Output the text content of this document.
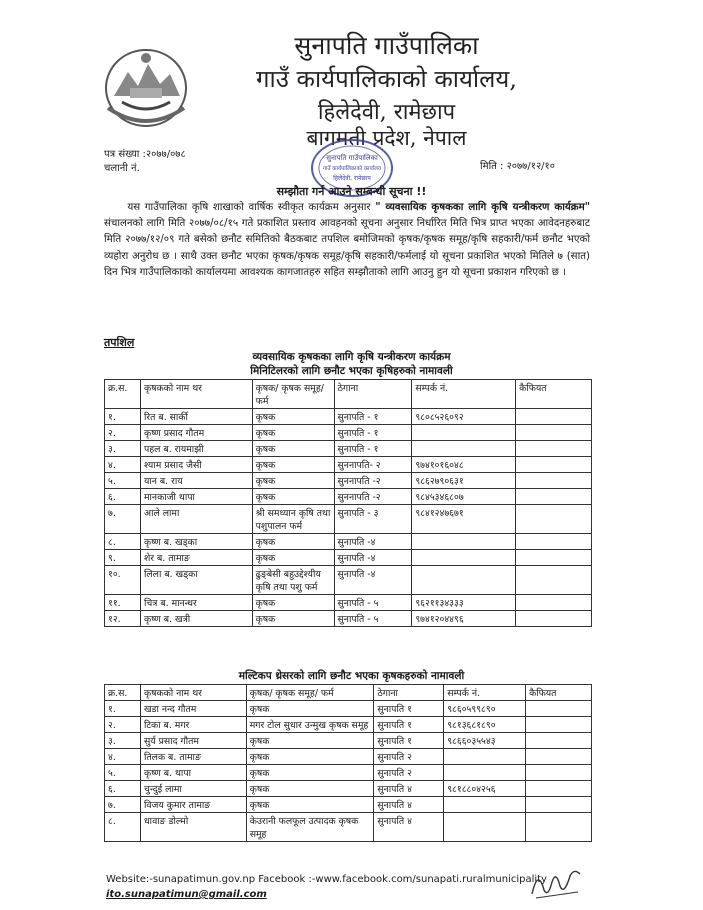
सुनापति गाउँपालिका
गाउँ कार्यपालिकाको कार्यालय,
हिलेदेवी, रामेछाप
बागमती प्रदेश, नेपाल
पत्र संख्या :२०७७/०७८
चलानी नं.	मिति : २०७७/१२/१०
सुनापति गाउँपालिका
गाउँ कार्यपालिकाको कार्यालय
हिलेदेवी, रामेछाप
सम्झौता गर्न आउने सम्बन्धी सूचना !!
यस गाउँपालिका कृषि शाखाको वार्षिक स्वीकृत कार्यक्रम अनुसार " व्यवसायिक कृषकका लागि कृषि यन्त्रीकरण कार्यक्रम" संचालनको लागि मिति २०७७/०८/१५ गते प्रकाशित प्रस्ताव आवहनको सूचना अनुसार निर्धारित मिति भित्र प्राप्त भएका आवेदनहरुबाट मिति २०७७/१२/०९ गते बसेको छनौट समितिको बैठकबाट तपशिल बमोजिमको कृषक/कृषक समूह/कृषि सहकारी/फर्म छनौट भएको व्यहोरा अनुरोध छ । साथै उक्त छनौट भएका कृषक/कृषक समूह/कृषि सहकारी/फर्मलाई यो सूचना प्रकाशित भएको मितिले ७ (सात) दिन भित्र गाउँपालिकाको कार्यालयमा आवश्यक कागजातहरु सहित सम्झौताको लागि आउनु हुन यो सूचना प्रकाशन गरिएको छ ।
तपशिल
व्यवसायिक कृषकका लागि कृषि यन्त्रीकरण कार्यक्रम
मिनिटिलरको लागि छनौट भएका कृषिहरुको नामावली
क्र.स.	कृषकको नाम थर	कृषक/ कृषक समूह/ फर्म	ठेगाना	सम्पर्क नं.	कैफियत
१.	रित ब. सार्की	कृषक	सुनापति - १	९८०८५२६०९२	
२.	कृष्ण प्रसाद गौतम	कृषक	सुनापति - १		
३.	पहल ब. रायमाझी	कृषक	सुनापति - १		
४.	श्याम प्रसाद जैसी	कृषक	सुननापति- २	९७४१०१६०४८	
५.	यान ब. राय	कृषक	सुननापति -२	९८६२७९०६३१	
६.	मानकाजी थापा	कृषक	सुननापति -२	९८४५३४६८०७	
७.	आले लामा	श्री समध्यान कृषि तथा पशुपालन फर्म	सुनापति - ३	९८४१२४७६७१	
८.	कृष्ण ब. खड्का	कृषक	सुनापति -४		
९.	शेर ब. तामाङ	कृषक	सुनापति -४		
१०.	लिला ब. खड्का	ढुङ्बेसी बहुउद्देश्यीय कृषि तथा पशु फर्म	सुनापति -४		
११.	चित्र ब. मानन्धर	कृषक	सुनापति - ५	९६२११३४३३३	
१२.	कृष्ण ब. खत्री	कृषक	सुनापति - ५	९७४१२०४४९६	
मल्टिकप थ्रेसरको लागि छनौट भएका कृषकहरुको नामावली
क्र.स.	कृषकको नाम थर	कृषक/ कृषक समूह/ फर्म	ठेगाना	सम्पर्क नं.	कैफियत
१.	खडा नन्द गौतम	कृषक	सुनापति १	९८६०५९९८९०	
२.	टिका ब. मगर	मगर टोल सुधार उन्मुख कृषक समूह	सुनापति १	९८१३६८१८९०	
३.	सुर्य प्रसाद गौतम	कृषक	सुनापति १	९८६६०३५५४३	
४.	तिलक ब. तामाङ	कृषक	सुनापति २		
५.	कृष्ण ब. थापा	कृषक	सुनापति २		
६.	चुन्दुई लामा	कृषक	सुनापति ४	९८१८८०४२५६	
७.	विजय कुमार तामाङ	कृषक	सुनापति ४		
८.	धावाङ डोल्मो	केउरानी फलफूल उत्पादक कृषक समूह	सुनापति ४		
Website:-sunapatimun.gov.np Facebook :-www.facebook.com/sunapati.ruralmunicipality
ito.sunapatimun@gmail.com
